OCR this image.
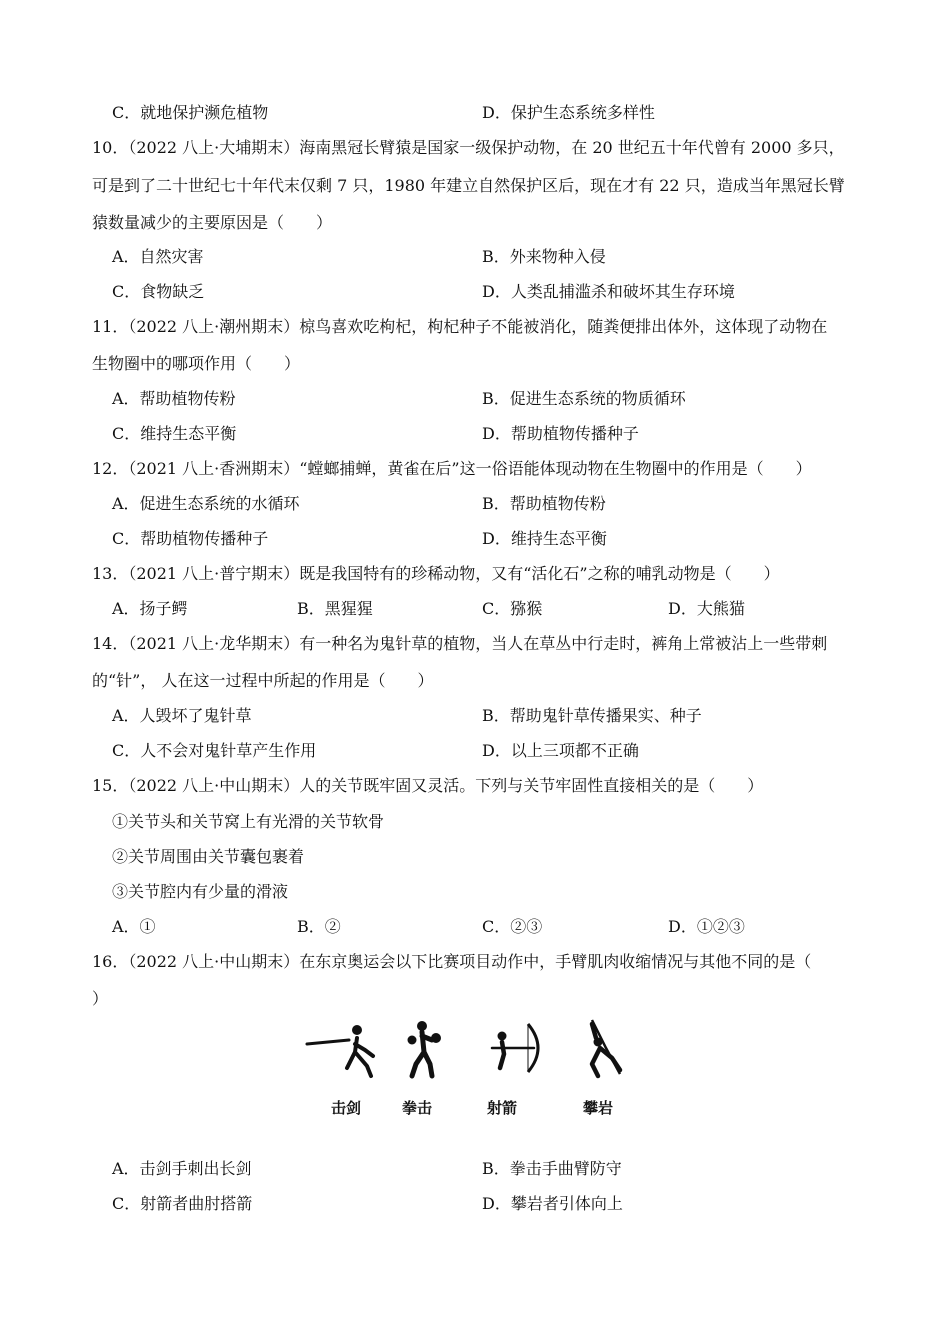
C．就地保护濒危植物	D．保护生态系统多样性
10．（2022 八上·大埔期末）海南黑冠长臂猿是国家一级保护动物，在 20 世纪五十年代曾有 2000 多只，
可是到了二十世纪七十年代末仅剩 7 只，1980 年建立自然保护区后，现在才有 22 只，造成当年黑冠长臂
猿数量减少的主要原因是（　　）
A．自然灾害	B．外来物种入侵
C．食物缺乏	D．人类乱捕滥杀和破坏其生存环境
11．（2022 八上·潮州期末）椋鸟喜欢吃枸杞，枸杞种子不能被消化，随粪便排出体外，这体现了动物在
生物圈中的哪项作用（　　）
A．帮助植物传粉	B．促进生态系统的物质循环
C．维持生态平衡	D．帮助植物传播种子
12．（2021 八上·香洲期末）“螳螂捕蝉，黄雀在后”这一俗语能体现动物在生物圈中的作用是（　　）
A．促进生态系统的水循环	B．帮助植物传粉
C．帮助植物传播种子	D．维持生态平衡
13．（2021 八上·普宁期末）既是我国特有的珍稀动物，又有“活化石”之称的哺乳动物是（　　）
A．扬子鳄	B．黑猩猩	C．猕猴	D．大熊猫
14．（2021 八上·龙华期末）有一种名为鬼针草的植物，当人在草丛中行走时，裤角上常被沾上一些带刺
的“针”， 人在这一过程中所起的作用是（　　）
A．人毁坏了鬼针草	B．帮助鬼针草传播果实、种子
C．人不会对鬼针草产生作用	D．以上三项都不正确
15．（2022 八上·中山期末）人的关节既牢固又灵活。下列与关节牢固性直接相关的是（　　）
①关节头和关节窝上有光滑的关节软骨
②关节周围由关节囊包裹着
③关节腔内有少量的滑液
A．①	B．②	C．②③	D．①②③
16．（2022 八上·中山期末）在东京奥运会以下比赛项目动作中，手臂肌肉收缩情况与其他不同的是（
）
击剑	拳击	射箭	攀岩
A．击剑手刺出长剑	B．拳击手曲臂防守
C．射箭者曲肘搭箭	D．攀岩者引体向上
